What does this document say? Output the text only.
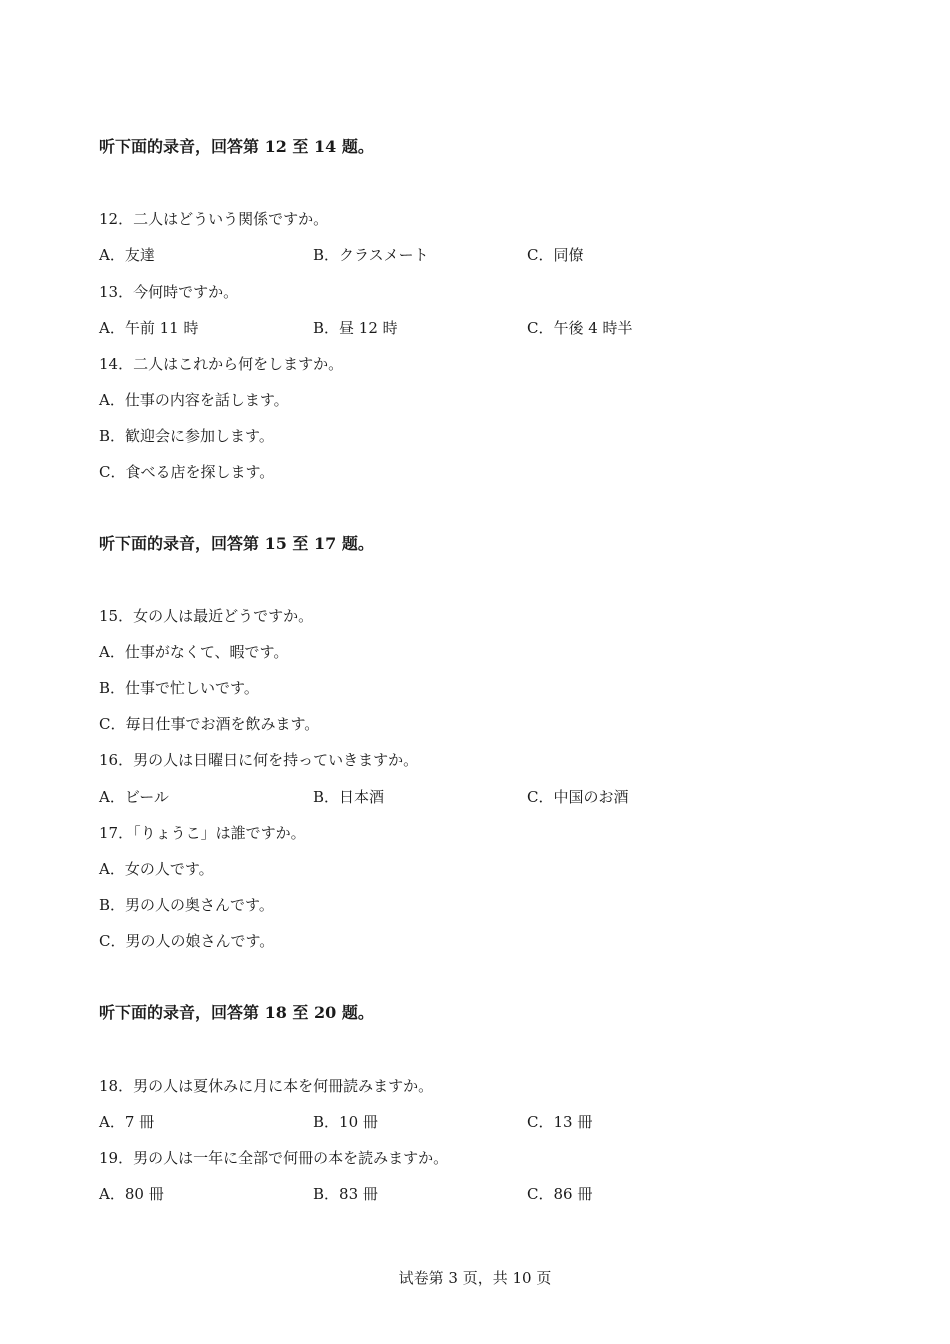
听下面的录音，回答第 12 至 14 题。
12．二人はどういう関係ですか。
A．友達	B．クラスメート	C．同僚
13．今何時ですか。
A．午前 11 時	B．昼 12 時	C．午後 4 時半
14．二人はこれから何をしますか。
A．仕事の内容を話します。
B．歓迎会に参加します。
C．食べる店を探します。
听下面的录音，回答第 15 至 17 题。
15．女の人は最近どうですか。
A．仕事がなくて、暇です。
B．仕事で忙しいです。
C．毎日仕事でお酒を飲みます。
16．男の人は日曜日に何を持っていきますか。
A．ビール	B．日本酒	C．中国のお酒
17．「りょうこ」は誰ですか。
A．女の人です。
B．男の人の奥さんです。
C．男の人の娘さんです。
听下面的录音，回答第 18 至 20 题。
18．男の人は夏休みに月に本を何冊読みますか。
A．7 冊	B．10 冊	C．13 冊
19．男の人は一年に全部で何冊の本を読みますか。
A．80 冊	B．83 冊	C．86 冊
试卷第 3 页，共 10 页
